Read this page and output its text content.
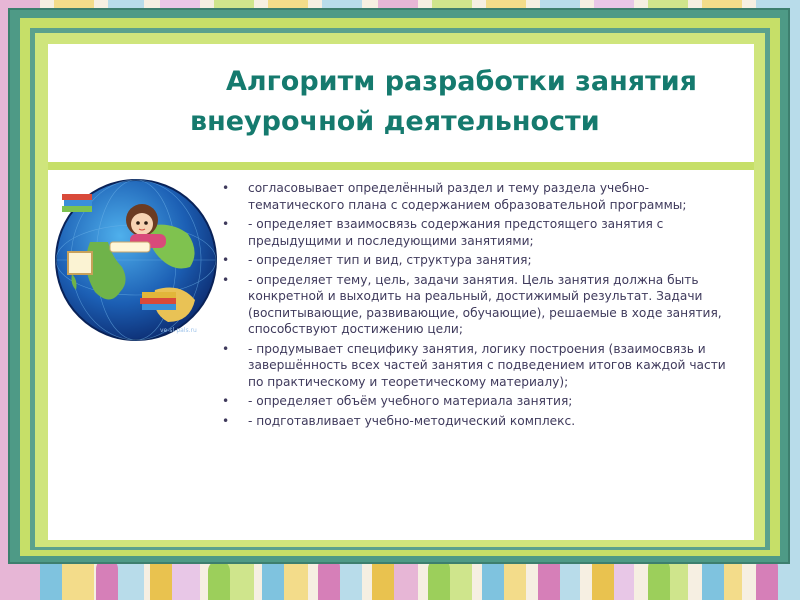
Алгоритм разработки занятия
внеурочной деятельности
ve-sl-pals.ru
• согласовывает определённый раздел и тему раздела учебно-тематического плана с содержанием образовательной программы;
• - определяет взаимосвязь содержания предстоящего занятия с предыдущими и последующими занятиями;
• - определяет тип и вид, структура занятия;
• - определяет тему, цель, задачи занятия. Цель занятия должна быть конкретной и выходить на реальный, достижимый результат. Задачи (воспитывающие, развивающие, обучающие), решаемые в ходе занятия, способствуют достижению цели;
• - продумывает специфику занятия, логику построения (взаимосвязь и завершённость всех частей занятия с подведением итогов каждой части по практическому и теоретическому материалу);
• - определяет объём учебного материала занятия;
• - подготавливает учебно-методический комплекс.
